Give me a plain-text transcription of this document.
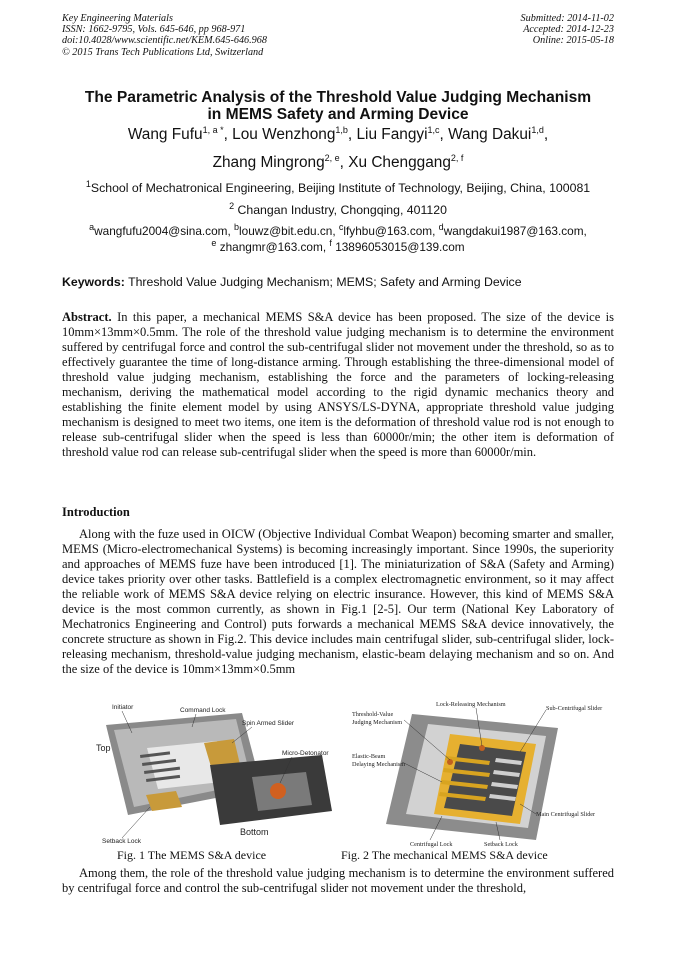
Key Engineering Materials
ISSN: 1662-9795, Vols. 645-646, pp 968-971
doi:10.4028/www.scientific.net/KEM.645-646.968
© 2015 Trans Tech Publications Ltd, Switzerland
Submitted: 2014-11-02
Accepted: 2014-12-23
Online: 2015-05-18
The Parametric Analysis of the Threshold Value Judging Mechanism
in MEMS Safety and Arming Device
Wang Fufu$^{1, a *}$, Lou Wenzhong$^{1,b}$, Liu Fangyi$^{1,c}$, Wang Dakui$^{1,d}$,
Zhang Mingrong$^{2, e}$, Xu Chenggang$^{2, f}$
$^1$School of Mechatronical Engineering, Beijing Institute of Technology, Beijing, China, 100081
$^2$ Changan Industry, Chongqing, 401120
$^a$wangfufu2004@sina.com, $^b$louwz@bit.edu.cn, $^c$lfyhbu@163.com, $^d$wangdakui1987@163.com,
$^e$ zhangmr@163.com, $^f$ 13896053015@139.com
Keywords: Threshold Value Judging Mechanism; MEMS; Safety and Arming Device
Abstract. In this paper, a mechanical MEMS S&A device has been proposed. The size of the device is 10mm×13mm×0.5mm. The role of the threshold value judging mechanism is to determine the environment suffered by centrifugal force and control the sub-centrifugal slider not movement under the threshold, so as to effectively guarantee the time of long-distance arming. Through establishing the three-dimensional model of threshold value judging mechanism, establishing the force and the parameters of locking-releasing mechanism, deriving the mathematical model according to the rigid dynamic mechanics theory and establishing the finite element model by using ANSYS/LS-DYNA, appropriate threshold value judging mechanism is designed to meet two items, one item is the deformation of threshold value rod is not enough to release sub-centrifugal slider when the speed is less than 60000r/min; the other item is deformation of threshold value rod can release sub-centrifugal slider when the speed is more than 60000r/min.
Introduction
Along with the fuze used in OICW (Objective Individual Combat Weapon) becoming smarter and smaller, MEMS (Micro-electromechanical Systems) is becoming increasingly important. Since 1990s, the superiority and approaches of MEMS fuze have been introduced [1]. The miniaturization of S&A (Safety and Arming) device takes priority over other tasks. Battlefield is a complex electromagnetic environment, so it may affect the reliable work of MEMS S&A device relying on electric insurance. However, this kind of MEMS S&A device is the most common currently, as shown in Fig.1 [2-5]. Our term (National Key Laboratory of Mechatronics Engineering and Control) puts forwards a mechanical MEMS S&A device innovatively, the concrete structure as shown in Fig.2. This device includes main centrifugal slider, sub-centrifugal slider, lock-releasing mechanism, threshold-value judging mechanism, elastic-beam delaying mechanism and so on. And the size of the device is 10mm×13mm×0.5mm
Initiator	Command Lock
Spin Armed Slider
Top
Micro-Detonator
Bottom
Setback Lock
Fig. 1 The MEMS S&A device
Threshold-Value
Judging Mechanism
Lock-Releasing Mechanism
Sub-Centrifugal Slider
Elastic-Beam
Delaying Mechanism
Main Centrifugal Slider
Centrifugal Lock	Setback Lock
Fig. 2 The mechanical MEMS S&A device
Among them, the role of the threshold value judging mechanism is to determine the environment suffered by centrifugal force and control the sub-centrifugal slider not movement under the threshold,
